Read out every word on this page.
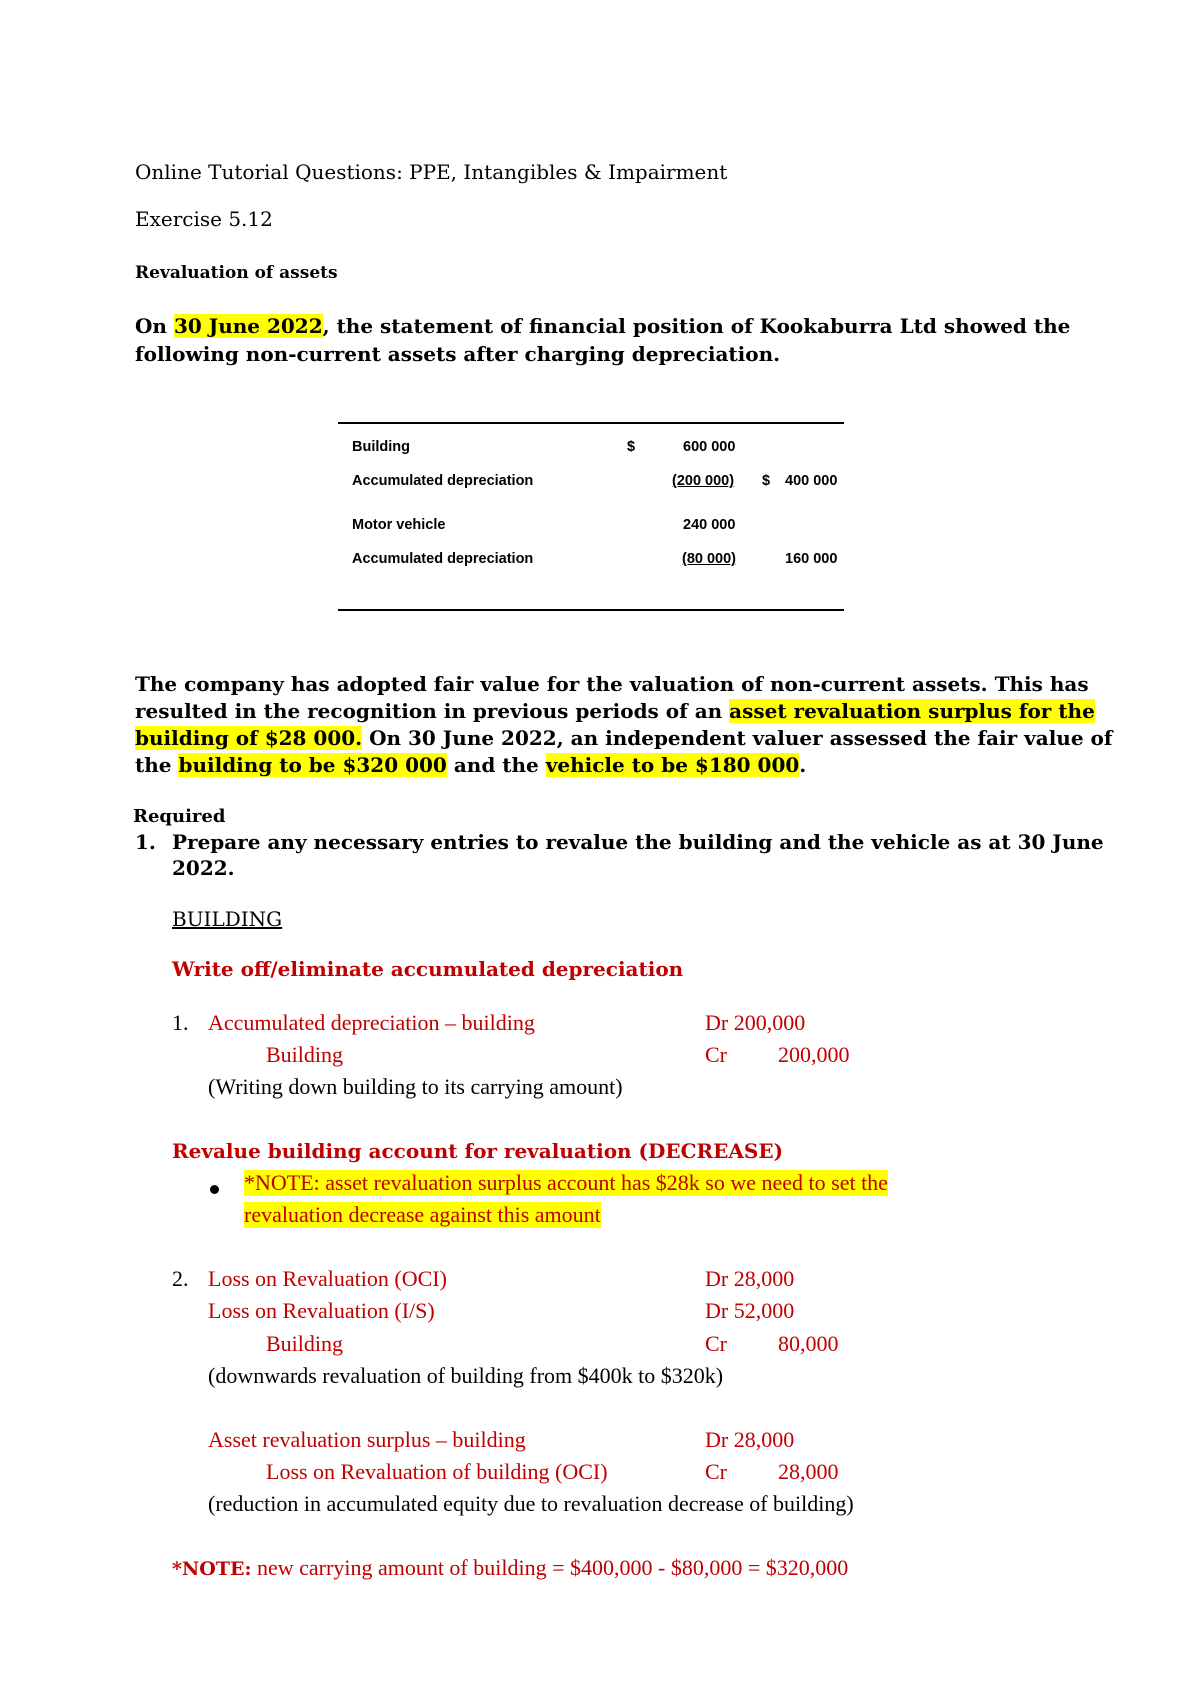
Online Tutorial Questions: PPE, Intangibles & Impairment
Exercise 5.12
Revaluation of assets
On 30 June 2022, the statement of financial position of Kookaburra Ltd showed the
following non-current assets after charging depreciation.
Building	$	600 000
Accumulated depreciation	(200 000) $ 400 000
Motor vehicle	240 000
Accumulated depreciation	(80 000)	160 000
The company has adopted fair value for the valuation of non-current assets. This has
resulted in the recognition in previous periods of an asset revaluation surplus for the
building of $28 000. On 30 June 2022, an independent valuer assessed the fair value of
the building to be $320 000 and the vehicle to be $180 000.
Required
1. Prepare any necessary entries to revalue the building and the vehicle as at 30 June
2022.
BUILDING
Write off/eliminate accumulated depreciation
1. Accumulated depreciation – building	Dr 200,000
Building	Cr 200,000
(Writing down building to its carrying amount)
Revalue building account for revaluation (DECREASE)
*NOTE: asset revaluation surplus account has $28k so we need to set the
revaluation decrease against this amount
2. Loss on Revaluation (OCI)	Dr 28,000
Loss on Revaluation (I/S)	Dr 52,000
Building	Cr 80,000
(downwards revaluation of building from $400k to $320k)
Asset revaluation surplus – building	Dr 28,000
Loss on Revaluation of building (OCI)	Cr 28,000
(reduction in accumulated equity due to revaluation decrease of building)
*NOTE: new carrying amount of building = $400,000 - $80,000 = $320,000
